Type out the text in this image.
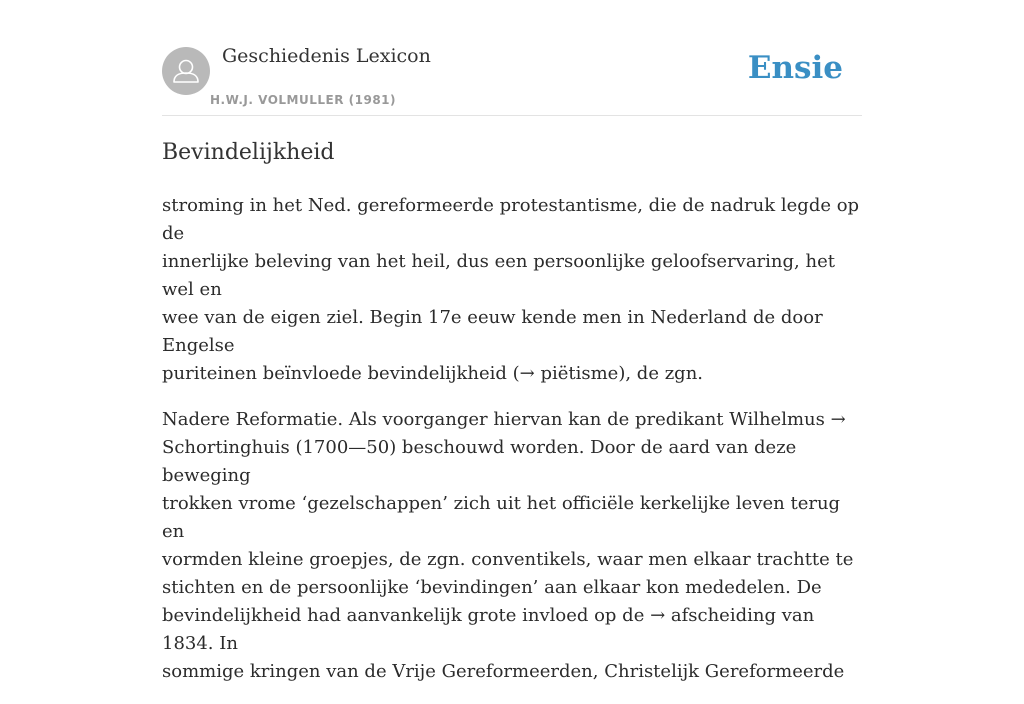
Geschiedenis Lexicon
H.W.J. VOLMULLER (1981)
Ensie
Bevindelijkheid

stroming in het Ned. gereformeerde protestantisme, die de nadruk legde op de
innerlijke beleving van het heil, dus een persoonlijke geloofservaring, het wel en
wee van de eigen ziel. Begin 17e eeuw kende men in Nederland de door Engelse
puriteinen beïnvloede bevindelijkheid (→ piëtisme), de zgn.

Nadere Reformatie. Als voorganger hiervan kan de predikant Wilhelmus →
Schortinghuis (1700—50) beschouwd worden. Door de aard van deze beweging
trokken vrome ‘gezelschappen’ zich uit het officiële kerkelijke leven terug en
vormden kleine groepjes, de zgn. conventikels, waar men elkaar trachtte te
stichten en de persoonlijke ‘bevindingen’ aan elkaar kon mededelen. De
bevindelijkheid had aanvankelijk grote invloed op de → afscheiding van 1834. In
sommige kringen van de Vrije Gereformeerden, Christelijk Gereformeerde
